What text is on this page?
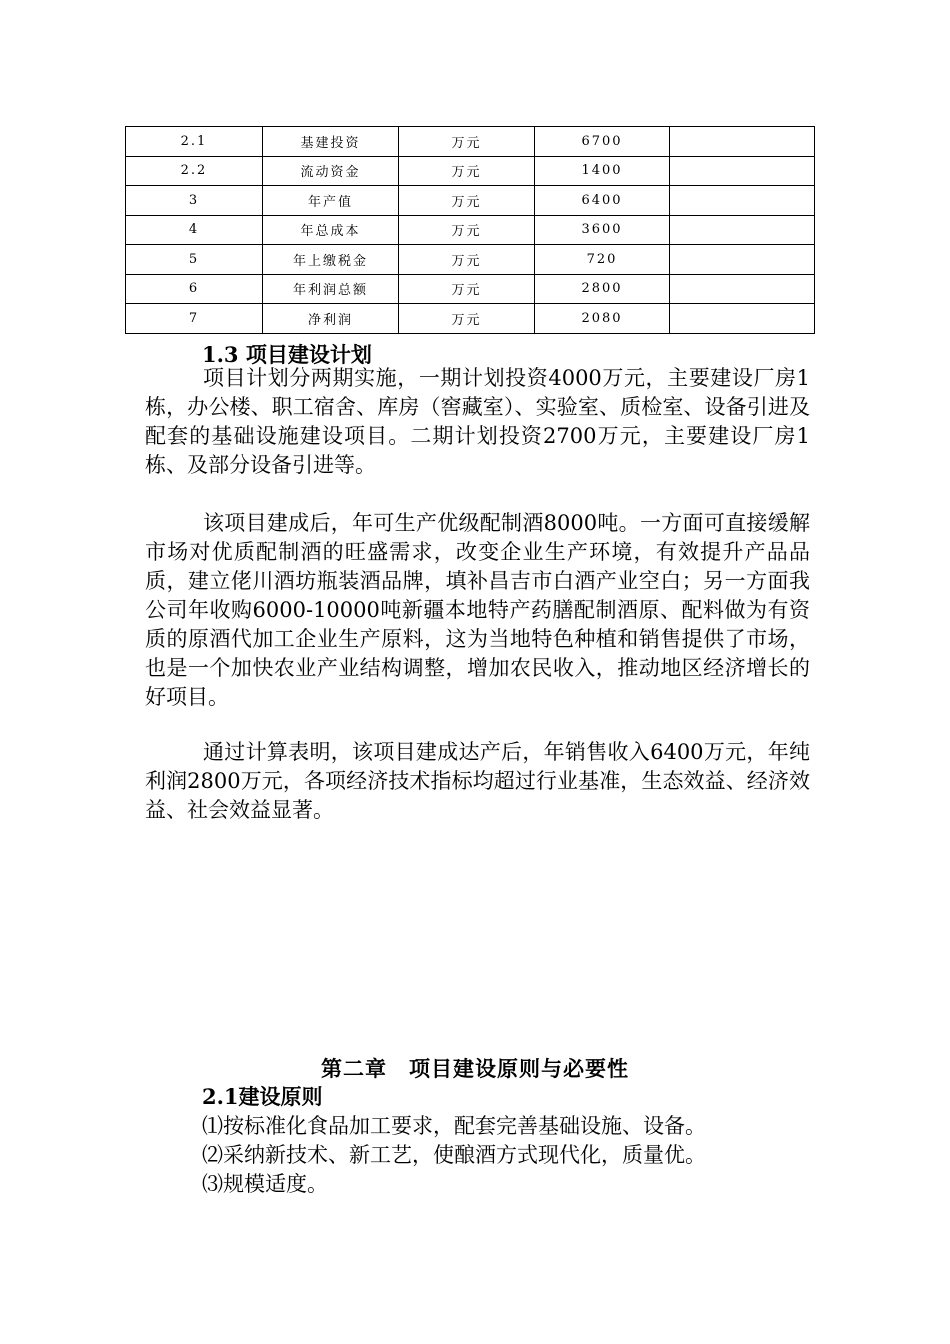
2.1	基建投资	万元	6700	
2.2	流动资金	万元	1400	
3	年产值	万元	6400	
4	年总成本	万元	3600	
5	年上缴税金	万元	720	
6	年利润总额	万元	2800	
7	净利润	万元	2080	
1.3 项目建设计划

项目计划分两期实施，一期计划投资4000万元，主要建设厂房1栋，办公楼、职工宿舍、库房（窖藏室）、实验室、质检室、设备引进及配套的基础设施建设项目。二期计划投资2700万元，主要建设厂房1栋、及部分设备引进等。

该项目建成后，年可生产优级配制酒8000吨。一方面可直接缓解市场对优质配制酒的旺盛需求，改变企业生产环境，有效提升产品品质，建立佬川酒坊瓶装酒品牌，填补昌吉市白酒产业空白；另一方面我公司年收购6000-10000吨新疆本地特产药膳配制酒原、配料做为有资质的原酒代加工企业生产原料，这为当地特色种植和销售提供了市场，也是一个加快农业产业结构调整，增加农民收入，推动地区经济增长的好项目。

通过计算表明，该项目建成达产后，年销售收入6400万元，年纯利润2800万元，各项经济技术指标均超过行业基准，生态效益、经济效益、社会效益显著。

第二章　项目建设原则与必要性
2.1建设原则
⑴按标准化食品加工要求，配套完善基础设施、设备。
⑵采纳新技术、新工艺，使酿酒方式现代化，质量优。
⑶规模适度。
